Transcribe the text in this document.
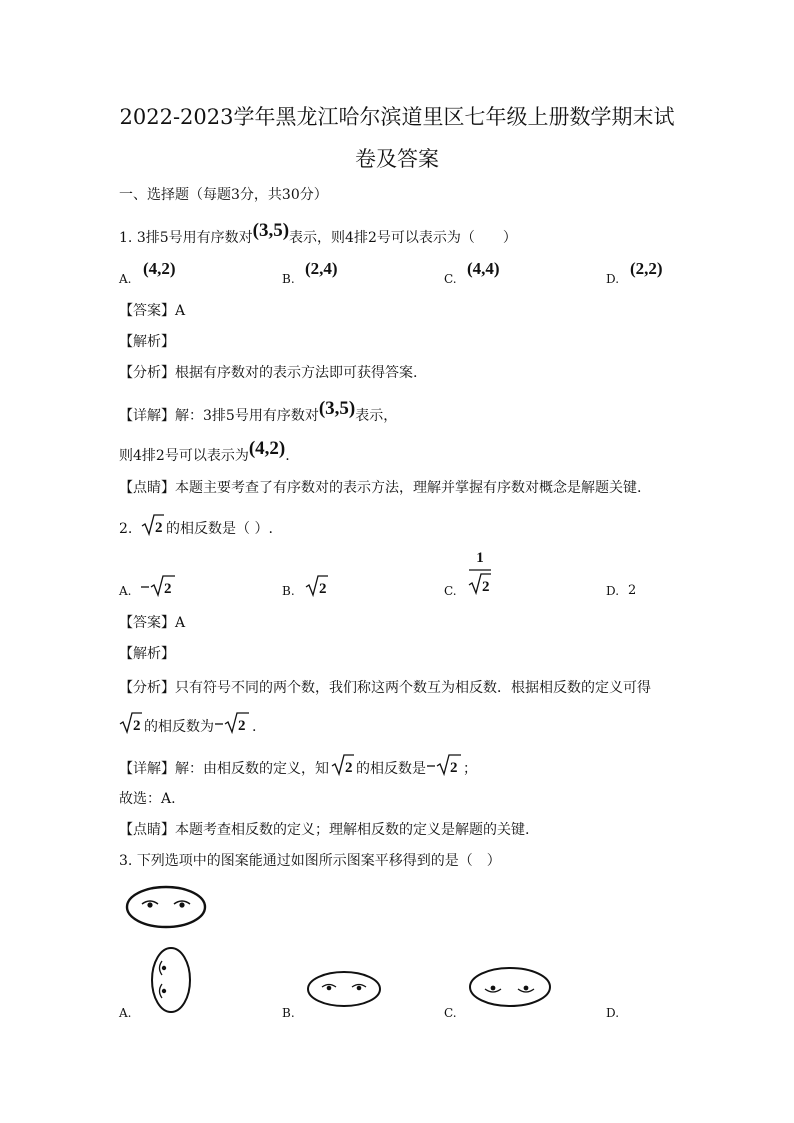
2022-2023学年黑龙江哈尔滨道里区七年级上册数学期末试
卷及答案
一、选择题（每题3分，共30分）
1. 3排5号用有序数对(3,5)表示，则4排2号可以表示为（　　）
A.
(4,2)
B.
(2,4)
C.
(4,4)
D.
(2,2)
【答案】A
【解析】
【分析】根据有序数对的表示方法即可获得答案.
【详解】解：3排5号用有序数对(3,5)表示，
则4排2号可以表示为(4,2).
【点睛】本题主要考查了有序数对的表示方法，理解并掌握有序数对概念是解题关键.
2. 2 的相反数是（ ）.
A. 2	B. 2	C.
1
2	D. 2
【答案】A
【解析】
【分析】只有符号不同的两个数，我们称这两个数互为相反数．根据相反数的定义可得
2 的相反数为 2 .
【详解】解：由相反数的定义，知 2 的相反数是 2 ；
故选：A.
【点睛】本题考查相反数的定义；理解相反数的定义是解题的关键.
3. 下列选项中的图案能通过如图所示图案平移得到的是（　）
A.	B.	C.	D.
